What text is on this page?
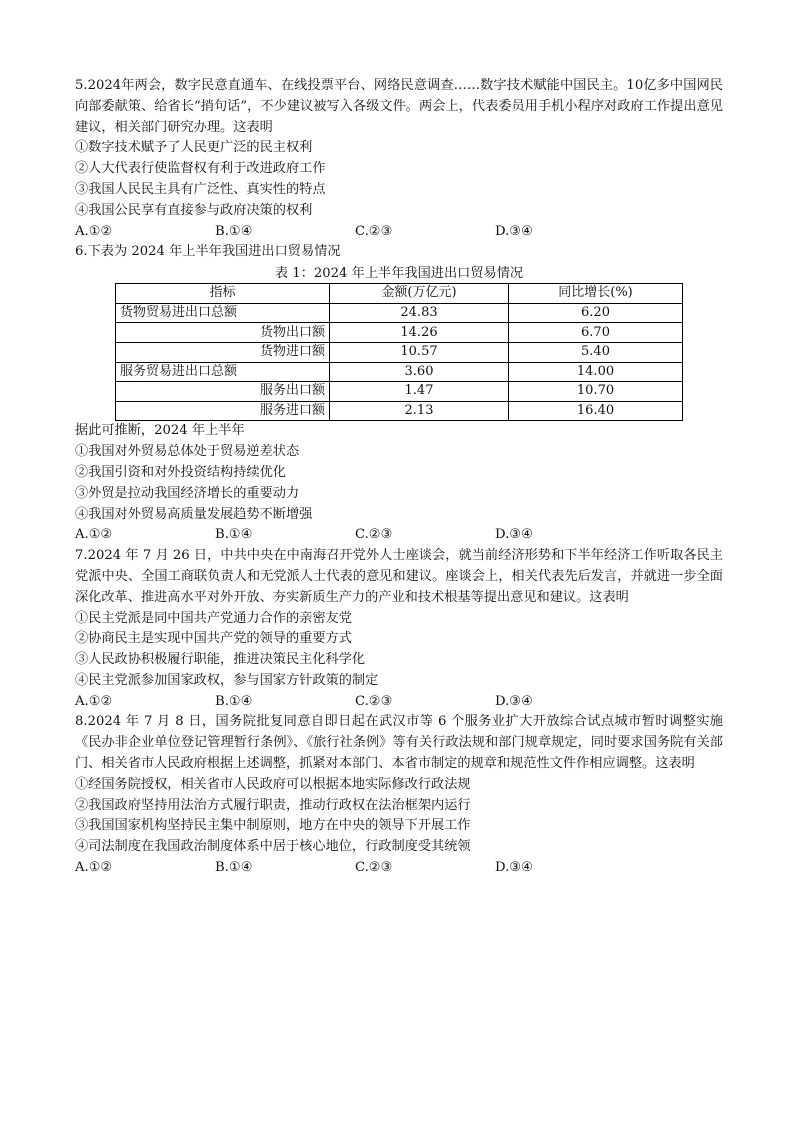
5.2024年两会，数字民意直通车、在线投票平台、网络民意调查……数字技术赋能中国民主。10亿多中国网民向部委献策、给省长“捎句话”，不少建议被写入各级文件。两会上，代表委员用手机小程序对政府工作提出意见建议，相关部门研究办理。这表明
①数字技术赋予了人民更广泛的民主权利
②人大代表行使监督权有利于改进政府工作
③我国人民民主具有广泛性、真实性的特点
④我国公民享有直接参与政府决策的权利
A.①②	B.①④	C.②③	D.③④
6.下表为 2024 年上半年我国进出口贸易情况
表 1：2024 年上半年我国进出口贸易情况
指标	金额(万亿元)	同比增长(%)
货物贸易进出口总额	24.83	6.20
货物出口额	14.26	6.70
货物进口额	10.57	5.40
服务贸易进出口总额	3.60	14.00
服务出口额	1.47	10.70
服务进口额	2.13	16.40
据此可推断，2024 年上半年
①我国对外贸易总体处于贸易逆差状态
②我国引资和对外投资结构持续优化
③外贸是拉动我国经济增长的重要动力
④我国对外贸易高质量发展趋势不断增强
A.①②	B.①④	C.②③	D.③④
7.2024 年 7 月 26 日，中共中央在中南海召开党外人士座谈会，就当前经济形势和下半年经济工作听取各民主党派中央、全国工商联负责人和无党派人士代表的意见和建议。座谈会上，相关代表先后发言，并就进一步全面深化改革、推进高水平对外开放、夯实新质生产力的产业和技术根基等提出意见和建议。这表明
①民主党派是同中国共产党通力合作的亲密友党
②协商民主是实现中国共产党的领导的重要方式
③人民政协积极履行职能，推进决策民主化科学化
④民主党派参加国家政权，参与国家方针政策的制定
A.①②	B.①④	C.②③	D.③④
8.2024 年 7 月 8 日，国务院批复同意自即日起在武汉市等 6 个服务业扩大开放综合试点城市暂时调整实施《民办非企业单位登记管理暂行条例》、《旅行社条例》等有关行政法规和部门规章规定，同时要求国务院有关部门、相关省市人民政府根据上述调整，抓紧对本部门、本省市制定的规章和规范性文件作相应调整。这表明
①经国务院授权，相关省市人民政府可以根据本地实际修改行政法规
②我国政府坚持用法治方式履行职责，推动行政权在法治框架内运行
③我国国家机构坚持民主集中制原则，地方在中央的领导下开展工作
④司法制度在我国政治制度体系中居于核心地位，行政制度受其统领
A.①②	B.①④	C.②③	D.③④
